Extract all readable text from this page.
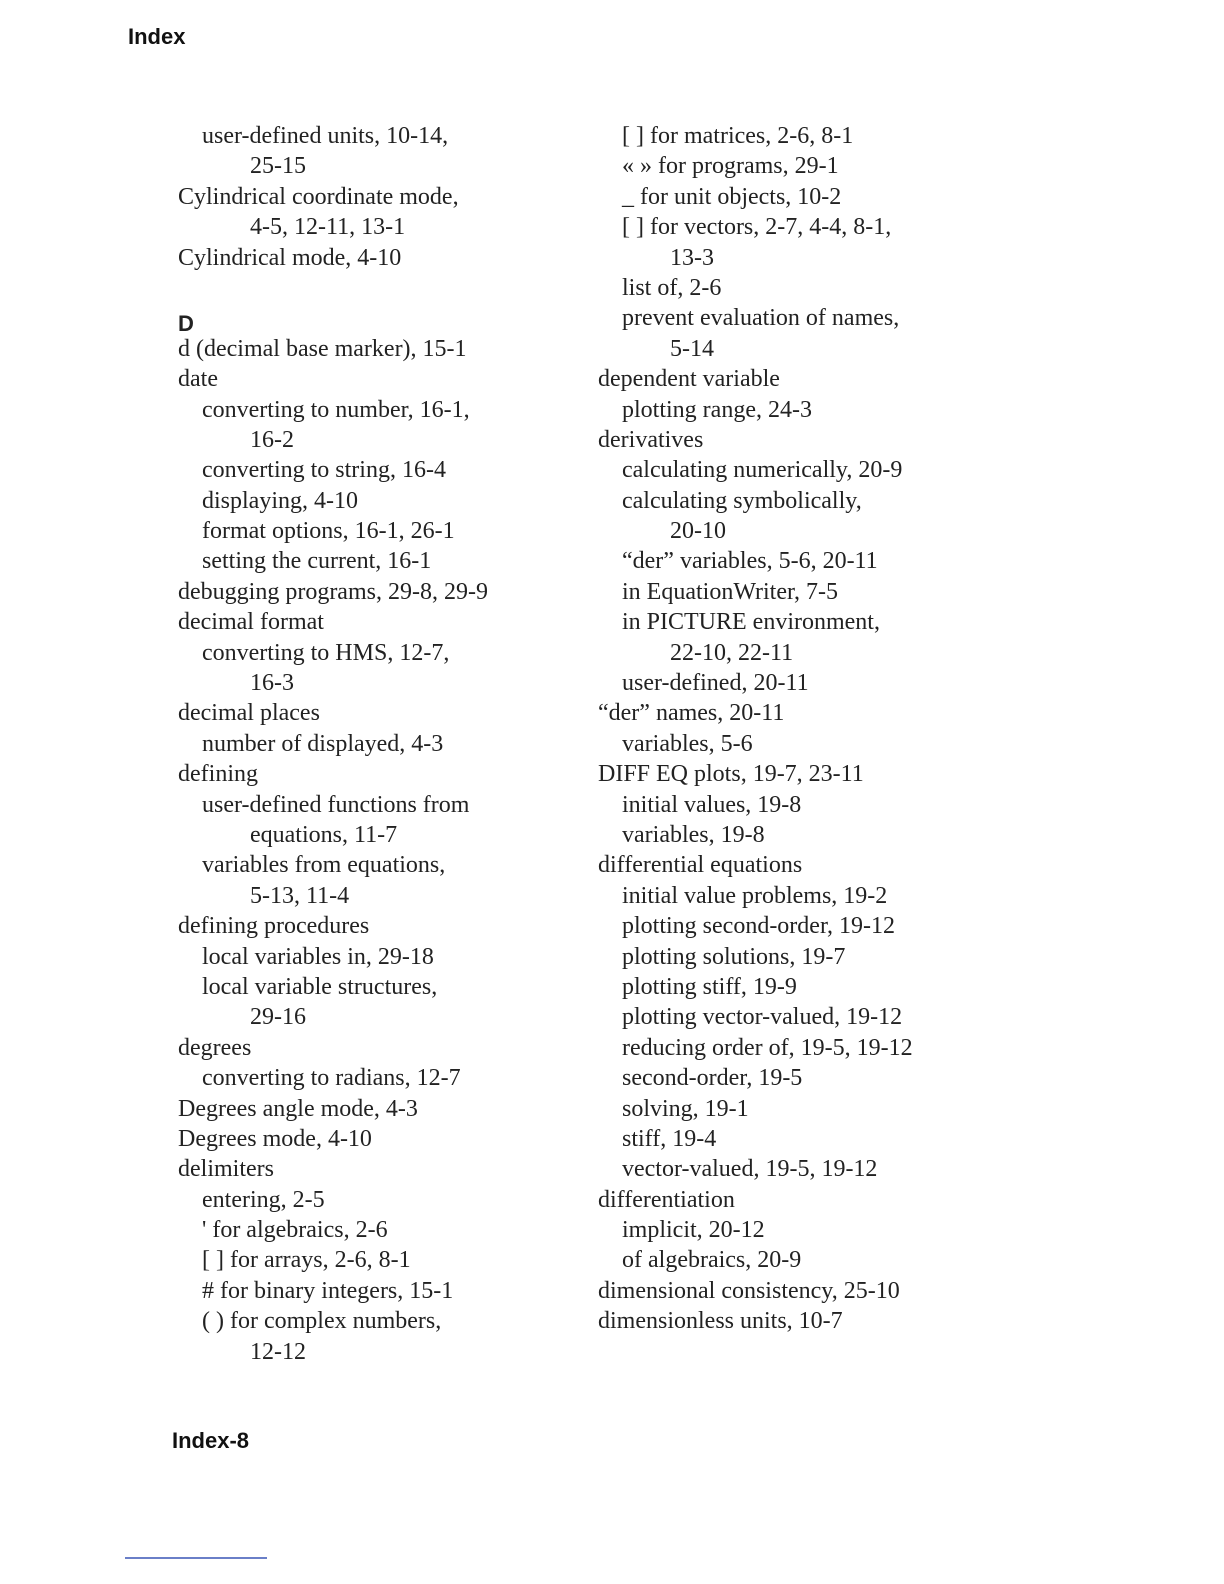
Index
user-defined units, 10-14,
25-15
Cylindrical coordinate mode,
4-5, 12-11, 13-1
Cylindrical mode, 4-10
D
d (decimal base marker), 15-1
date
converting to number, 16-1,
16-2
converting to string, 16-4
displaying, 4-10
format options, 16-1, 26-1
setting the current, 16-1
debugging programs, 29-8, 29-9
decimal format
converting to HMS, 12-7,
16-3
decimal places
number of displayed, 4-3
defining
user-defined functions from
equations, 11-7
variables from equations,
5-13, 11-4
defining procedures
local variables in, 29-18
local variable structures,
29-16
degrees
converting to radians, 12-7
Degrees angle mode, 4-3
Degrees mode, 4-10
delimiters
entering, 2-5
' for algebraics, 2-6
[ ] for arrays, 2-6, 8-1
# for binary integers, 15-1
( ) for complex numbers,
12-12
[ ] for matrices, 2-6, 8-1
« » for programs, 29-1
_ for unit objects, 10-2
[ ] for vectors, 2-7, 4-4, 8-1,
13-3
list of, 2-6
prevent evaluation of names,
5-14
dependent variable
plotting range, 24-3
derivatives
calculating numerically, 20-9
calculating symbolically,
20-10
“der” variables, 5-6, 20-11
in EquationWriter, 7-5
in PICTURE environment,
22-10, 22-11
user-defined, 20-11
“der” names, 20-11
variables, 5-6
DIFF EQ plots, 19-7, 23-11
initial values, 19-8
variables, 19-8
differential equations
initial value problems, 19-2
plotting second-order, 19-12
plotting solutions, 19-7
plotting stiff, 19-9
plotting vector-valued, 19-12
reducing order of, 19-5, 19-12
second-order, 19-5
solving, 19-1
stiff, 19-4
vector-valued, 19-5, 19-12
differentiation
implicit, 20-12
of algebraics, 20-9
dimensional consistency, 25-10
dimensionless units, 10-7
Index-8
